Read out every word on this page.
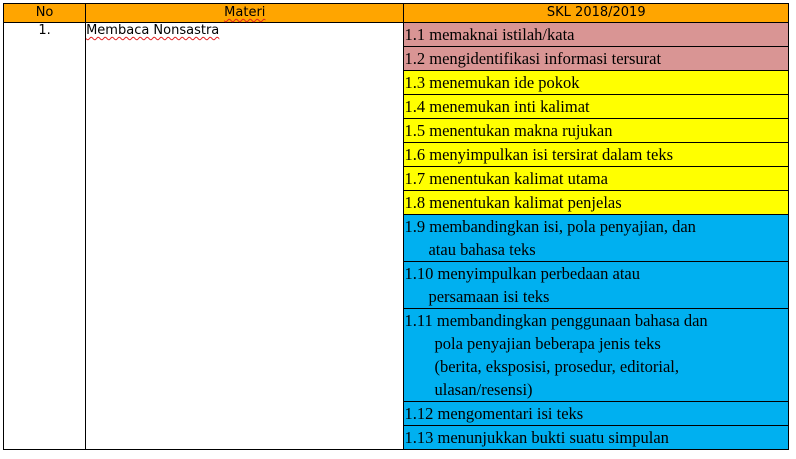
No	Materi	SKL 2018/2019
1.	Membaca Nonsastra	1.1 memaknai istilah/kata

		1.2 mengidentifikasi informasi tersurat

		1.3 menemukan ide pokok

		1.4 menemukan inti kalimat

		1.5 menentukan makna rujukan

		1.6 menyimpulkan isi tersirat dalam teks

		1.7 menentukan kalimat utama

		1.8 menentukan kalimat penjelas

		1.9 membandingkan isi, pola penyajian, dan
atau bahasa teks

		1.10 menyimpulkan perbedaan atau
persamaan isi teks

		1.11 membandingkan penggunaan bahasa dan
pola penyajian beberapa jenis teks
(berita, eksposisi, prosedur, editorial,
ulasan/resensi)

		1.12 mengomentari isi teks

		1.13 menunjukkan bukti suatu simpulan
